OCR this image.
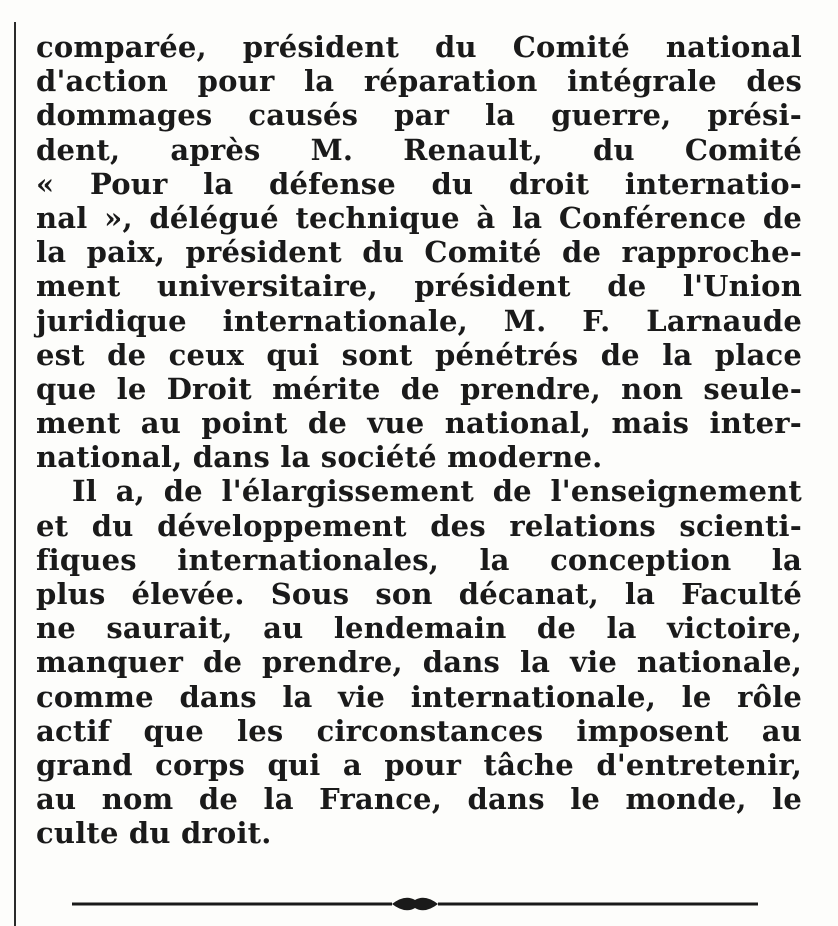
comparée, président du Comité national
d'action pour la réparation intégrale des
dommages causés par la guerre, prési-
dent, après M. Renault, du Comité
« Pour la défense du droit internatio-
nal », délégué technique à la Conférence de
la paix, président du Comité de rapproche-
ment universitaire, président de l'Union
juridique internationale, M. F. Larnaude
est de ceux qui sont pénétrés de la place
que le Droit mérite de prendre, non seule-
ment au point de vue national, mais inter-
national, dans la société moderne.
Il a, de l'élargissement de l'enseignement
et du développement des relations scienti-
fiques internationales, la conception la
plus élevée. Sous son décanat, la Faculté
ne saurait, au lendemain de la victoire,
manquer de prendre, dans la vie nationale,
comme dans la vie internationale, le rôle
actif que les circonstances imposent au
grand corps qui a pour tâche d'entretenir,
au nom de la France, dans le monde, le
culte du droit.
